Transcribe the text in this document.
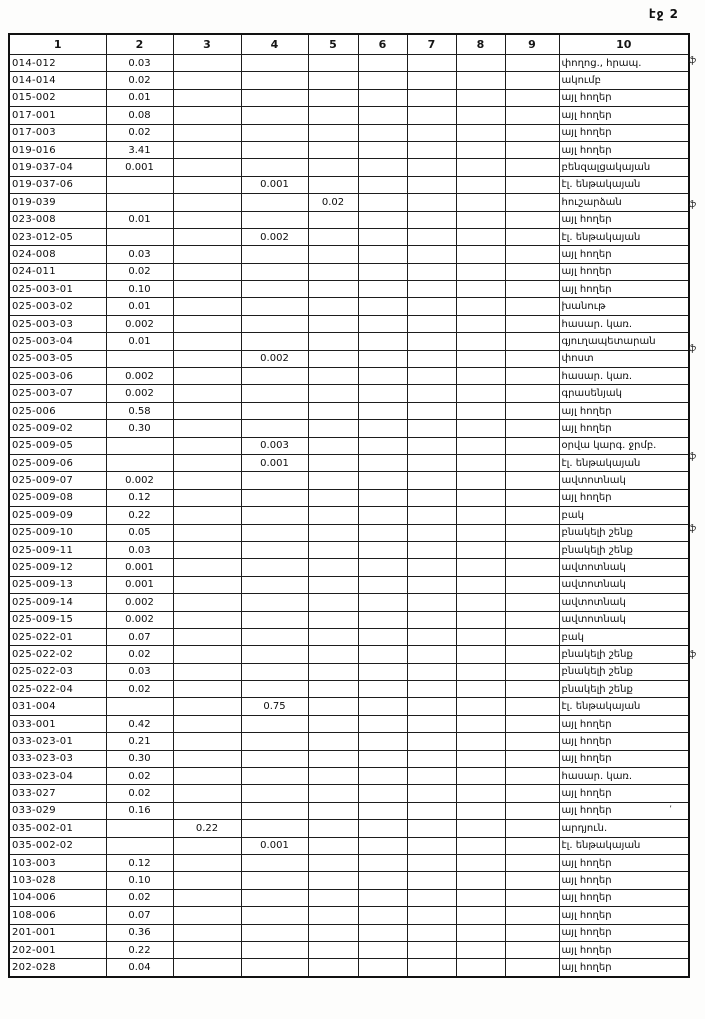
էջ 2
1	2	3	4	5	6	7	8	9	10
014-012	0.03								փողոց., հրապ.
014-014	0.02								ակումբ
015-002	0.01								այլ հողեր
017-001	0.08								այլ հողեր
017-003	0.02								այլ հողեր
019-016	3.41								այլ հողեր
019-037-04	0.001								բենզալցակայան
019-037-06			0.001						էլ. ենթակայան
019-039				0.02					հուշարձան
023-008	0.01								այլ հողեր
023-012-05			0.002						էլ. ենթակայան
024-008	0.03								այլ հողեր
024-011	0.02								այլ հողեր
025-003-01	0.10								այլ հողեր
025-003-02	0.01								խանութ
025-003-03	0.002								հասար. կառ.
025-003-04	0.01								գյուղապետարան
025-003-05			0.002						փոստ
025-003-06	0.002								հասար. կառ.
025-003-07	0.002								գրասենյակ
025-006	0.58								այլ հողեր
025-009-02	0.30								այլ հողեր
025-009-05			0.003						օրվա կարգ. ջրմբ.
025-009-06			0.001						էլ. ենթակայան
025-009-07	0.002								ավտոտնակ
025-009-08	0.12								այլ հողեր
025-009-09	0.22								բակ
025-009-10	0.05								բնակելի շենք
025-009-11	0.03								բնակելի շենք
025-009-12	0.001								ավտոտնակ
025-009-13	0.001								ավտոտնակ
025-009-14	0.002								ավտոտնակ
025-009-15	0.002								ավտոտնակ
025-022-01	0.07								բակ
025-022-02	0.02								բնակելի շենք
025-022-03	0.03								բնակելի շենք
025-022-04	0.02								բնակելի շենք
031-004			0.75						էլ. ենթակայան
033-001	0.42								այլ հողեր
033-023-01	0.21								այլ հողեր
033-023-03	0.30								այլ հողեր
033-023-04	0.02								հասար. կառ.
033-027	0.02								այլ հողեր
033-029	0.16								այլ հողեր ʼ

035-002-01		0.22							արդյուն.
035-002-02			0.001						էլ. ենթակայան
103-003	0.12								այլ հողեր
103-028	0.10								այլ հողեր
104-006	0.02								այլ հողեր
108-006	0.07								այլ հողեր
201-001	0.36								այլ հողեր
202-001	0.22								այլ հողեր
202-028	0.04								այլ հողեր
ֆ
ֆ
ֆ
ֆ
ֆ
ֆ
